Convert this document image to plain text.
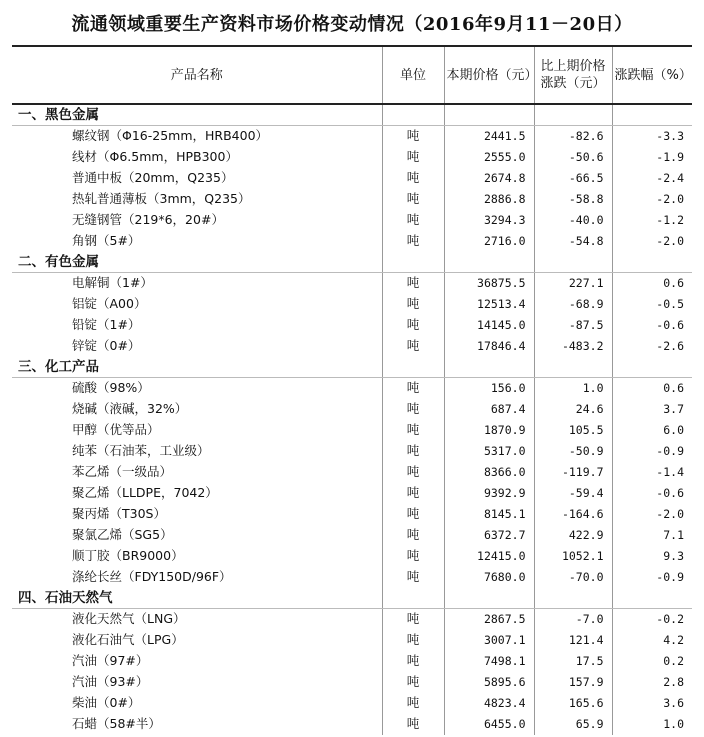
流通领域重要生产资料市场价格变动情况（2016年9月11－20日）
产品名称	单位	本期价格（元）	比上期价格涨跌（元）	涨跌幅（%）
一、黑色金属				
螺纹钢（Φ16-25mm，HRB400）	吨	2441.5	-82.6	-3.3
线材（Φ6.5mm，HPB300）	吨	2555.0	-50.6	-1.9
普通中板（20mm，Q235）	吨	2674.8	-66.5	-2.4
热轧普通薄板（3mm，Q235）	吨	2886.8	-58.8	-2.0
无缝钢管（219*6，20#）	吨	3294.3	-40.0	-1.2
角钢（5#）	吨	2716.0	-54.8	-2.0
二、有色金属				
电解铜（1#）	吨	36875.5	227.1	0.6
铝锭（A00）	吨	12513.4	-68.9	-0.5
铅锭（1#）	吨	14145.0	-87.5	-0.6
锌锭（0#）	吨	17846.4	-483.2	-2.6
三、化工产品				
硫酸（98%）	吨	156.0	1.0	0.6
烧碱（液碱，32%）	吨	687.4	24.6	3.7
甲醇（优等品）	吨	1870.9	105.5	6.0
纯苯（石油苯，工业级）	吨	5317.0	-50.9	-0.9
苯乙烯（一级品）	吨	8366.0	-119.7	-1.4
聚乙烯（LLDPE，7042）	吨	9392.9	-59.4	-0.6
聚丙烯（T30S）	吨	8145.1	-164.6	-2.0
聚氯乙烯（SG5）	吨	6372.7	422.9	7.1
顺丁胶（BR9000）	吨	12415.0	1052.1	9.3
涤纶长丝（FDY150D/96F）	吨	7680.0	-70.0	-0.9
四、石油天然气				
液化天然气（LNG）	吨	2867.5	-7.0	-0.2
液化石油气（LPG）	吨	3007.1	121.4	4.2
汽油（97#）	吨	7498.1	17.5	0.2
汽油（93#）	吨	5895.6	157.9	2.8
柴油（0#）	吨	4823.4	165.6	3.6
石蜡（58#半）	吨	6455.0	65.9	1.0
